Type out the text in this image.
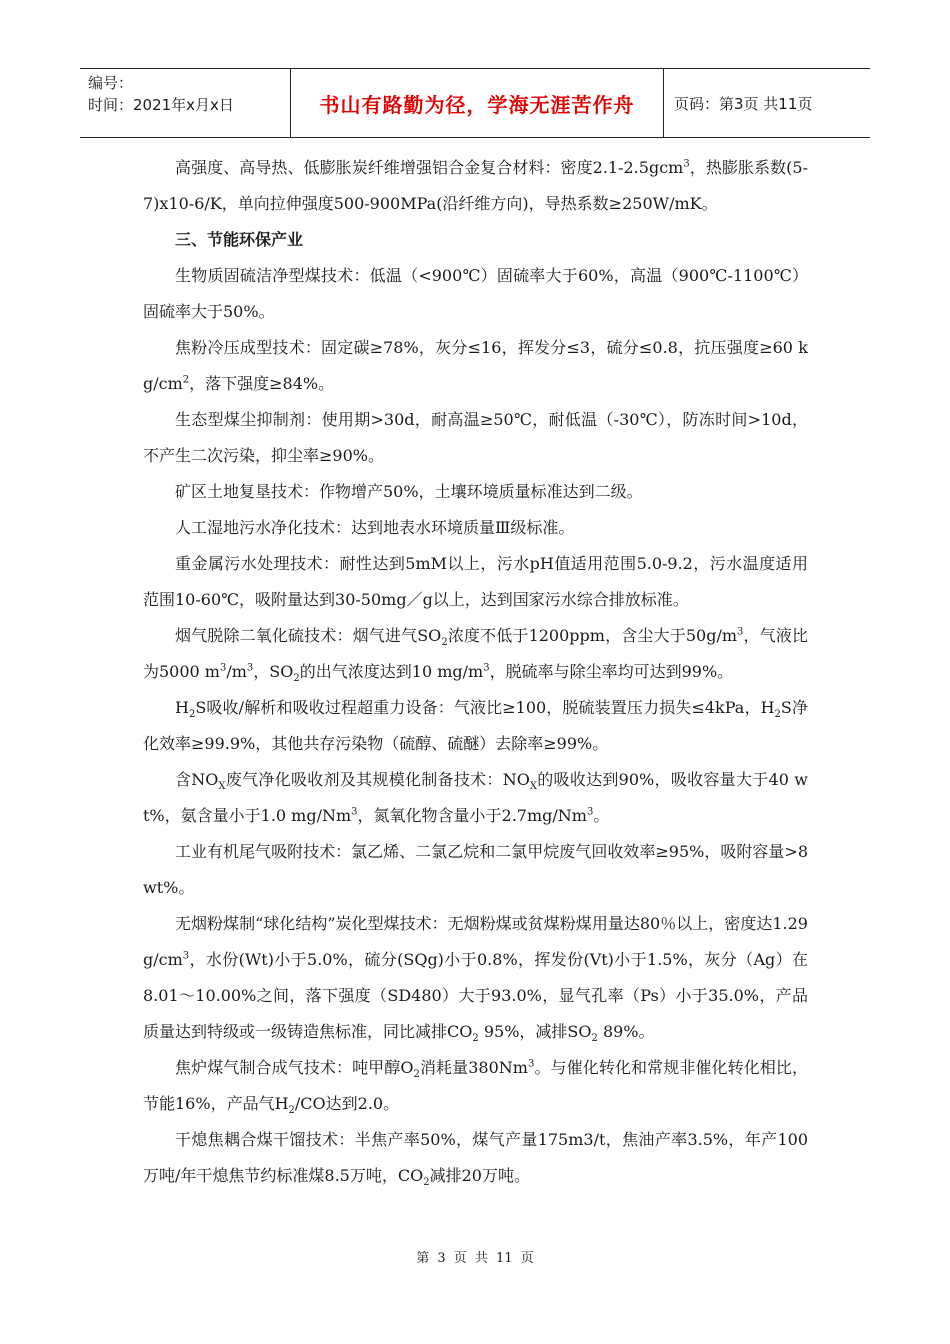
编号：
时间：2021年x月x日	书山有路勤为径，学海无涯苦作舟	页码：第3页 共11页

高强度、高导热、低膨胀炭纤维增强铝合金复合材料：密度2.1-2.5gcm$^3$，热膨胀系数(5-7)x10-6/K，单向拉伸强度500-900MPa(沿纤维方向)，导热系数≥250W/mK。

三、节能环保产业

生物质固硫洁净型煤技术：低温（<900℃）固硫率大于60%，高温（900℃-1100℃）固硫率大于50%。

焦粉冷压成型技术：固定碳≥78%，灰分≤16，挥发分≤3，硫分≤0.8，抗压强度≥60 $kg/cm^2$，落下强度≥84%。

生态型煤尘抑制剂：使用期>30d，耐高温≥50℃，耐低温（-30℃），防冻时间>10d，不产生二次污染，抑尘率≥90%。

矿区土地复垦技术：作物增产50%，土壤环境质量标准达到二级。

人工湿地污水净化技术：达到地表水环境质量Ⅲ级标准。

重金属污水处理技术：耐性达到5mM以上，污水pH值适用范围5.0-9.2，污水温度适用范围10-60℃，吸附量达到30-50mg／g以上，达到国家污水综合排放标准。

烟气脱除二氧化硫技术：烟气进气$SO_2$浓度不低于1200ppm，含尘大于$50g/m^3$，气液比为5000 $m^3/m^3$，$SO_2$的出气浓度达到10 $mg/m^3$，脱硫率与除尘率均可达到99%。

$H_2S$吸收/解析和吸收过程超重力设备：气液比≥100，脱硫装置压力损失≤4kPa，$H_2S$净化效率≥99.9%，其他共存污染物（硫醇、硫醚）去除率≥99%。

含$NO_X$废气净化吸收剂及其规模化制备技术：$NO_X$的吸收达到90%，吸收容量大于40 wt%，氨含量小于1.0 mg/Nm$^3$，氮氧化物含量小于2.7mg/Nm$^3$。

工业有机尾气吸附技术：氯乙烯、二氯乙烷和二氯甲烷废气回收效率≥95%，吸附容量>8wt%。

无烟粉煤制“球化结构”炭化型煤技术：无烟粉煤或贫煤粉煤用量达80％以上，密度达$1.29g/cm^3$，水份(Wt)小于5.0%，硫分(SQg)小于0.8%，挥发份(Vt)小于1.5%，灰分（Ag）在8.01～10.00%之间，落下强度（SD480）大于93.0%，显气孔率（Ps）小于35.0%，产品质量达到特级或一级铸造焦标准，同比减排$CO_2$ 95%，减排$SO_2$ 89%。

焦炉煤气制合成气技术：吨甲醇$O_2$消耗量380Nm$^3$。与催化转化和常规非催化转化相比，节能16%，产品气$H_2/CO$达到2.0。

干熄焦耦合煤干馏技术：半焦产率50%，煤气产量175m3/t，焦油产率3.5%，年产100万吨/年干熄焦节约标准煤8.5万吨，$CO_2$减排20万吨。

第 3 页 共 11 页
